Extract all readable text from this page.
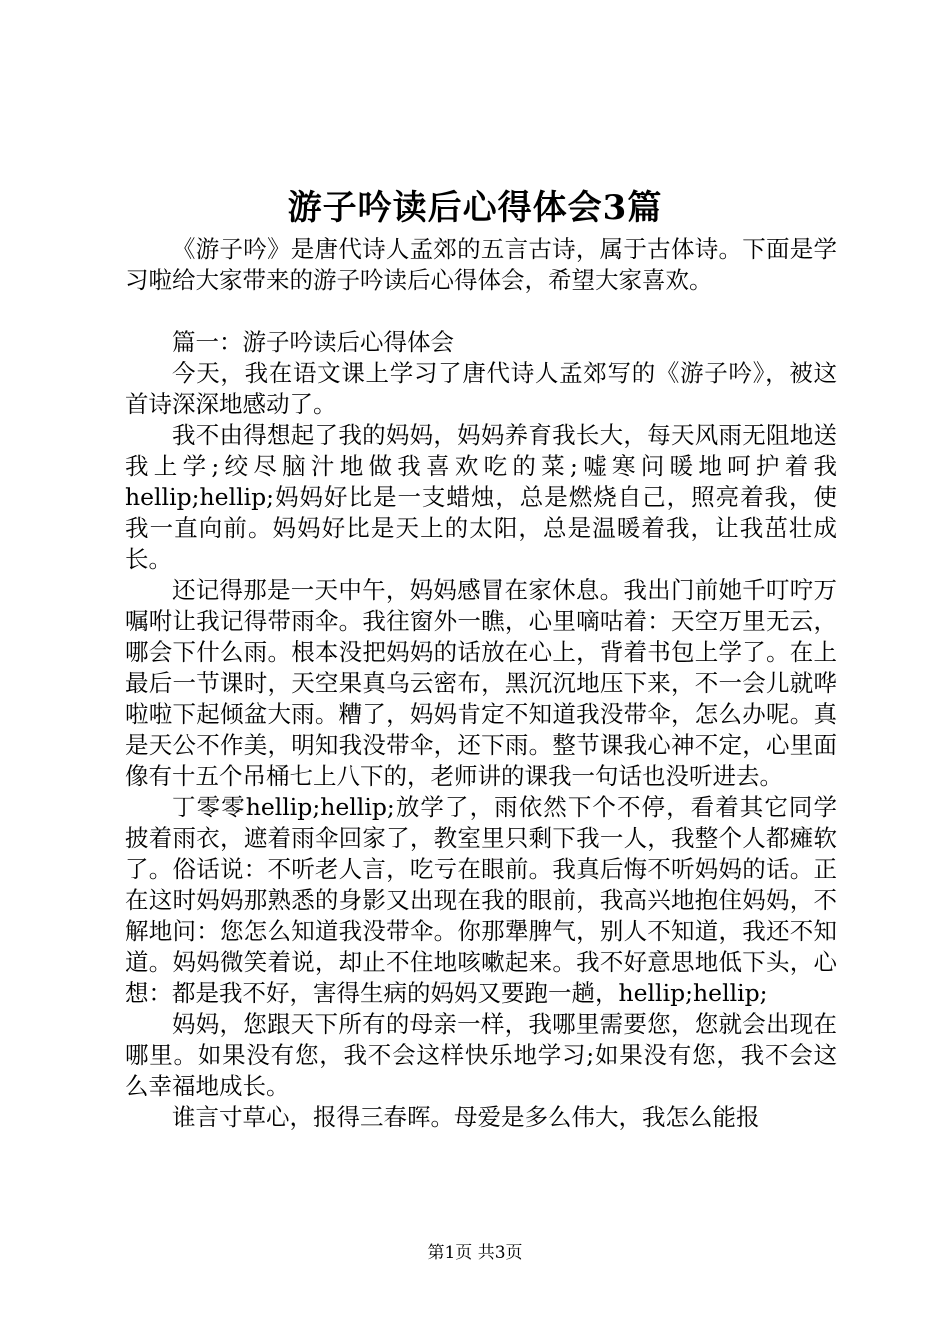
游子吟读后心得体会3篇

《游子吟》是唐代诗人孟郊的五言古诗，属于古体诗。下面是学习啦给大家带来的游子吟读后心得体会，希望大家喜欢。

篇一：游子吟读后心得体会

今天，我在语文课上学习了唐代诗人孟郊写的《游子吟》，被这首诗深深地感动了。

我不由得想起了我的妈妈，妈妈养育我长大，每天风雨无阻地送我上学;绞尽脑汁地做我喜欢吃的菜;嘘寒问暖地呵护着我hellip;hellip;妈妈好比是一支蜡烛，总是燃烧自己，照亮着我，使我一直向前。妈妈好比是天上的太阳，总是温暖着我，让我茁壮成长。

还记得那是一天中午，妈妈感冒在家休息。我出门前她千叮咛万嘱咐让我记得带雨伞。我往窗外一瞧，心里嘀咕着：天空万里无云，哪会下什么雨。根本没把妈妈的话放在心上，背着书包上学了。在上最后一节课时，天空果真乌云密布，黑沉沉地压下来，不一会儿就哗啦啦下起倾盆大雨。糟了，妈妈肯定不知道我没带伞，怎么办呢。真是天公不作美，明知我没带伞，还下雨。整节课我心神不定，心里面像有十五个吊桶七上八下的，老师讲的课我一句话也没听进去。

丁零零hellip;hellip;放学了，雨依然下个不停，看着其它同学披着雨衣，遮着雨伞回家了，教室里只剩下我一人，我整个人都瘫软了。俗话说：不听老人言，吃亏在眼前。我真后悔不听妈妈的话。正在这时妈妈那熟悉的身影又出现在我的眼前，我高兴地抱住妈妈，不解地问：您怎么知道我没带伞。你那犟脾气，别人不知道，我还不知道。妈妈微笑着说，却止不住地咳嗽起来。我不好意思地低下头，心想：都是我不好，害得生病的妈妈又要跑一趟，hellip;hellip;

妈妈，您跟天下所有的母亲一样，我哪里需要您，您就会出现在哪里。如果没有您，我不会这样快乐地学习;如果没有您，我不会这么幸福地成长。

谁言寸草心，报得三春晖。母爱是多么伟大，我怎么能报

第1页 共3页
